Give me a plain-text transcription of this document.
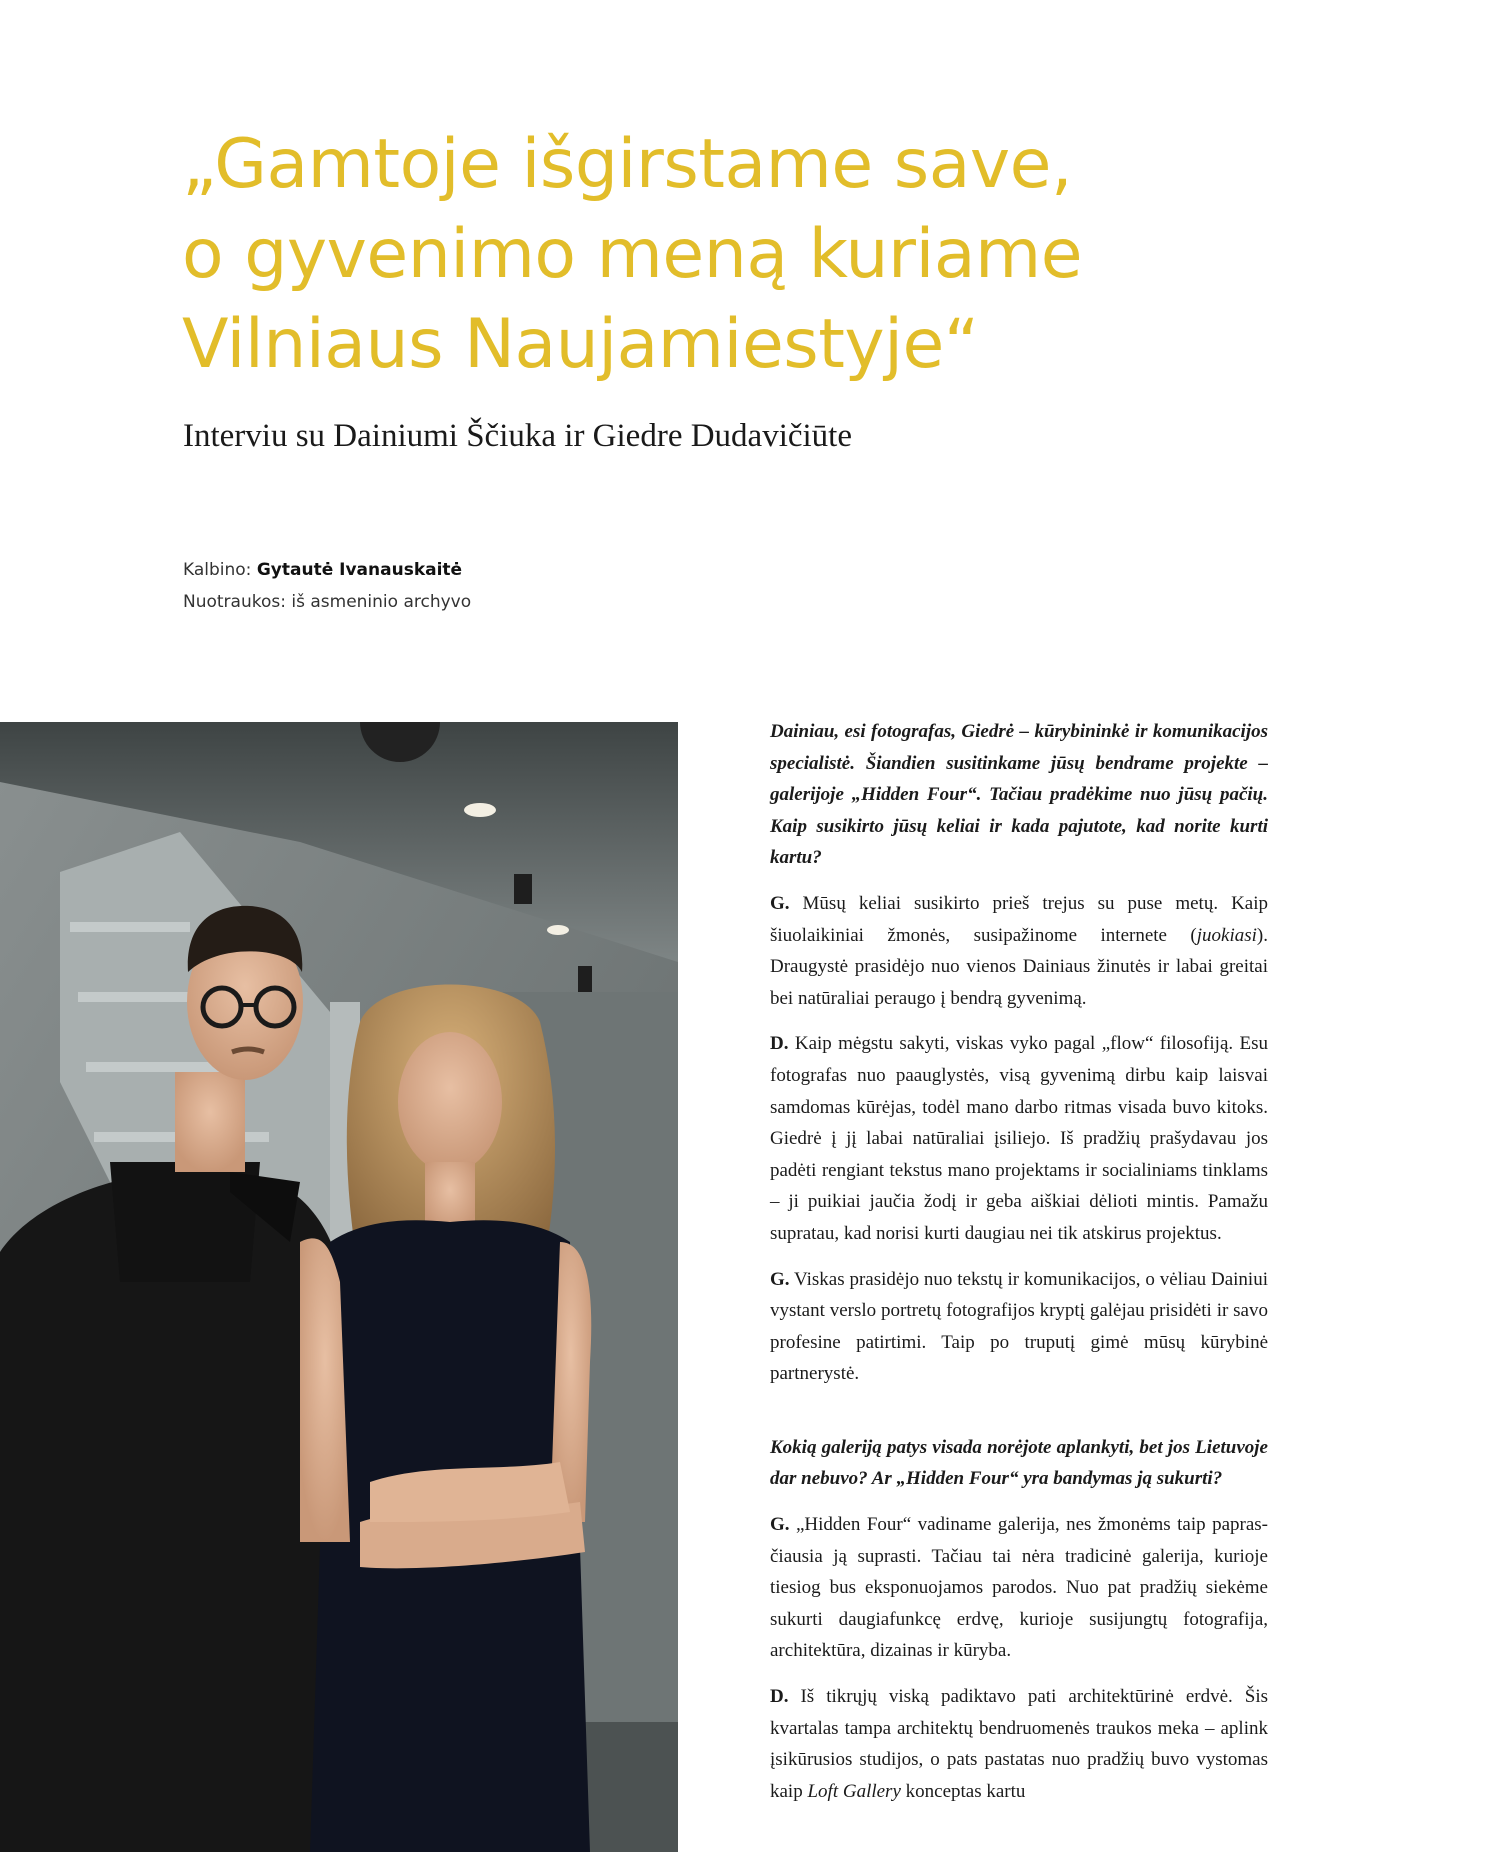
„Gamtoje išgirstame save,
o gyvenimo meną kuriame
Vilniaus Naujamiestyje“
Interviu su Dainiumi Ščiuka ir Giedre Dudavičiūte
Kalbino: Gytautė Ivanauskaitė
Nuotraukos: iš asmeninio archyvo

Dainiau, esi fotografas, Giedrė – kūrybininkė ir komunikacijos specialistė. Šiandien susitinkame jūsų bendrame projekte – galerijoje „Hidden Four“. Tačiau pradėkime nuo jūsų pačių. Kaip susikirto jūsų keliai ir kada pajutote, kad norite kurti kartu?

G. Mūsų keliai susikirto prieš trejus su puse metų. Kaip šiuolaikiniai žmonės, susipažinome internete (juokiasi). Draugystė prasidėjo nuo vienos Dainiaus žinutės ir labai greitai bei natūraliai peraugo į bendrą gyvenimą.

D. Kaip mėgstu sakyti, viskas vyko pagal „flow“ filosofiją. Esu fotografas nuo paauglystės, visą gyvenimą dirbu kaip laisvai samdomas kūrėjas, todėl mano darbo ritmas visada buvo kitoks. Giedrė į jį labai natūraliai įsiliejo. Iš pradžių prašydavau jos padėti rengiant tekstus mano projektams ir socialiniams tinklams – ji puikiai jaučia žodį ir geba aiškiai dėlioti mintis. Pamažu supratau, kad norisi kurti daugiau nei tik atskirus projektus.

G. Viskas prasidėjo nuo tekstų ir komunikacijos, o vėliau Dainiui vystant verslo portretų fotografijos kryptį galėjau prisidėti ir savo profesine patirtimi. Taip po truputį gimė mūsų kūrybinė partnerystė.

Kokią galeriją patys visada norėjote aplankyti, bet jos Lietuvoje dar nebuvo? Ar „Hidden Four“ yra bandymas ją sukurti?

G. „Hidden Four“ vadiname galerija, nes žmonėms taip paprasčiausia ją suprasti. Tačiau tai nėra tradicinė galerija, kurioje tiesiog bus eksponuojamos parodos. Nuo pat pradžių siekėme sukurti daugiafunkcę erdvę, kurioje susijungtų fotografija, architektūra, dizainas ir kūryba.

D. Iš tikrųjų viską padiktavo pati architektūrinė erdvė. Šis kvartalas tampa architektų bendruomenės traukos meka – aplink įsikūrusios studijos, o pats pastatas nuo pradžių buvo vystomas kaip Loft Gallery konceptas kartu
